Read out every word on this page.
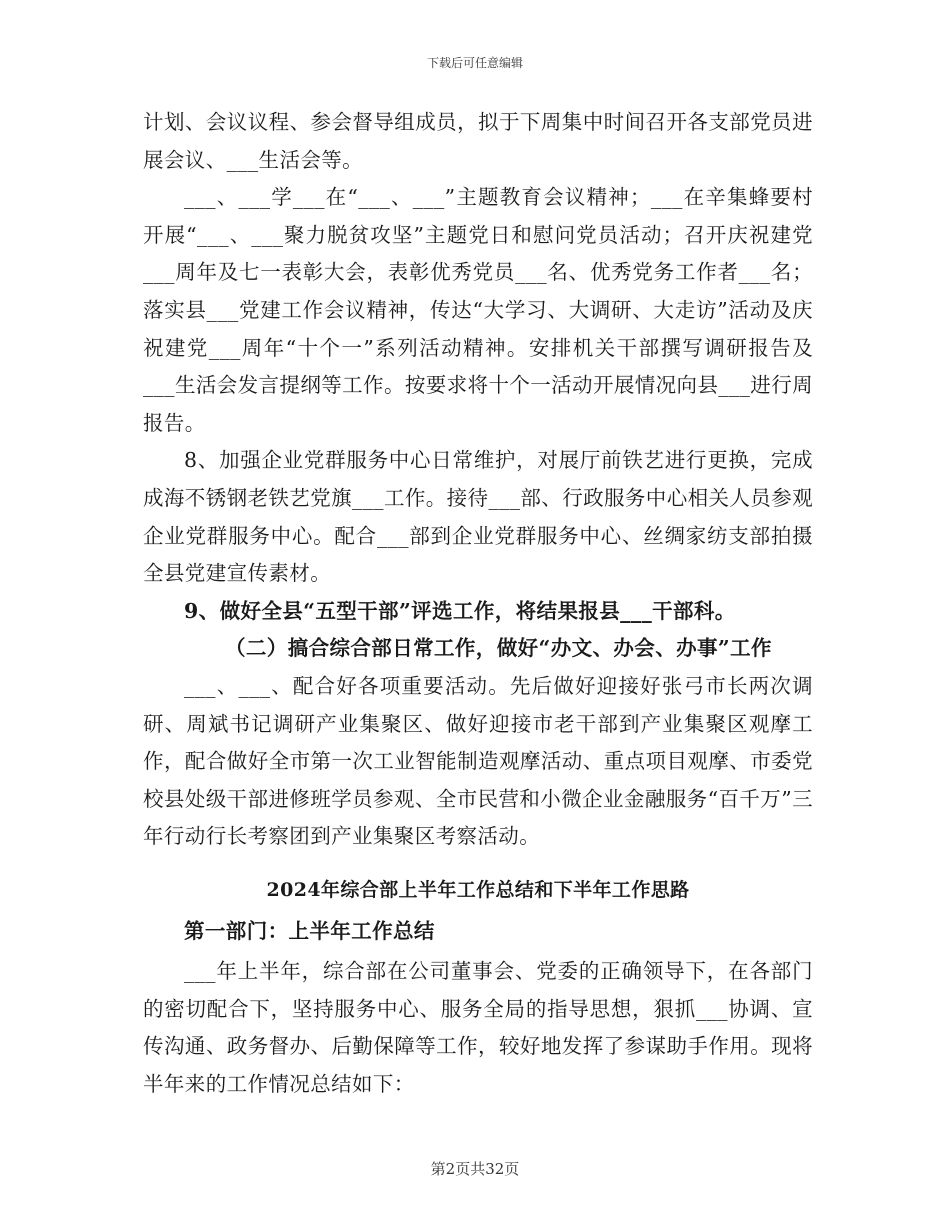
下载后可任意编辑

计划、会议议程、参会督导组成员，拟于下周集中时间召开各支部党员进展会议、___生活会等。

___、___学___在“___、___”主题教育会议精神；___在辛集蜂要村开展“___、___聚力脱贫攻坚”主题党日和慰问党员活动；召开庆祝建党___周年及七一表彰大会，表彰优秀党员___名、优秀党务工作者___名；落实县___党建工作会议精神，传达“大学习、大调研、大走访”活动及庆祝建党___周年“十个一”系列活动精神。安排机关干部撰写调研报告及___生活会发言提纲等工作。按要求将十个一活动开展情况向县___进行周报告。

8、加强企业党群服务中心日常维护，对展厅前铁艺进行更换，完成成海不锈钢老铁艺党旗___工作。接待___部、行政服务中心相关人员参观企业党群服务中心。配合___部到企业党群服务中心、丝绸家纺支部拍摄全县党建宣传素材。

9、做好全县“五型干部”评选工作，将结果报县___干部科。

（二）搞合综合部日常工作，做好“办文、办会、办事”工作

___、___、配合好各项重要活动。先后做好迎接好张弓市长两次调研、周斌书记调研产业集聚区、做好迎接市老干部到产业集聚区观摩工作，配合做好全市第一次工业智能制造观摩活动、重点项目观摩、市委党校县处级干部进修班学员参观、全市民营和小微企业金融服务“百千万”三年行动行长考察团到产业集聚区考察活动。

2024年综合部上半年工作总结和下半年工作思路

第一部门：上半年工作总结

___年上半年，综合部在公司董事会、党委的正确领导下，在各部门的密切配合下，坚持服务中心、服务全局的指导思想，狠抓___协调、宣传沟通、政务督办、后勤保障等工作，较好地发挥了参谋助手作用。现将半年来的工作情况总结如下：

第2页共32页
